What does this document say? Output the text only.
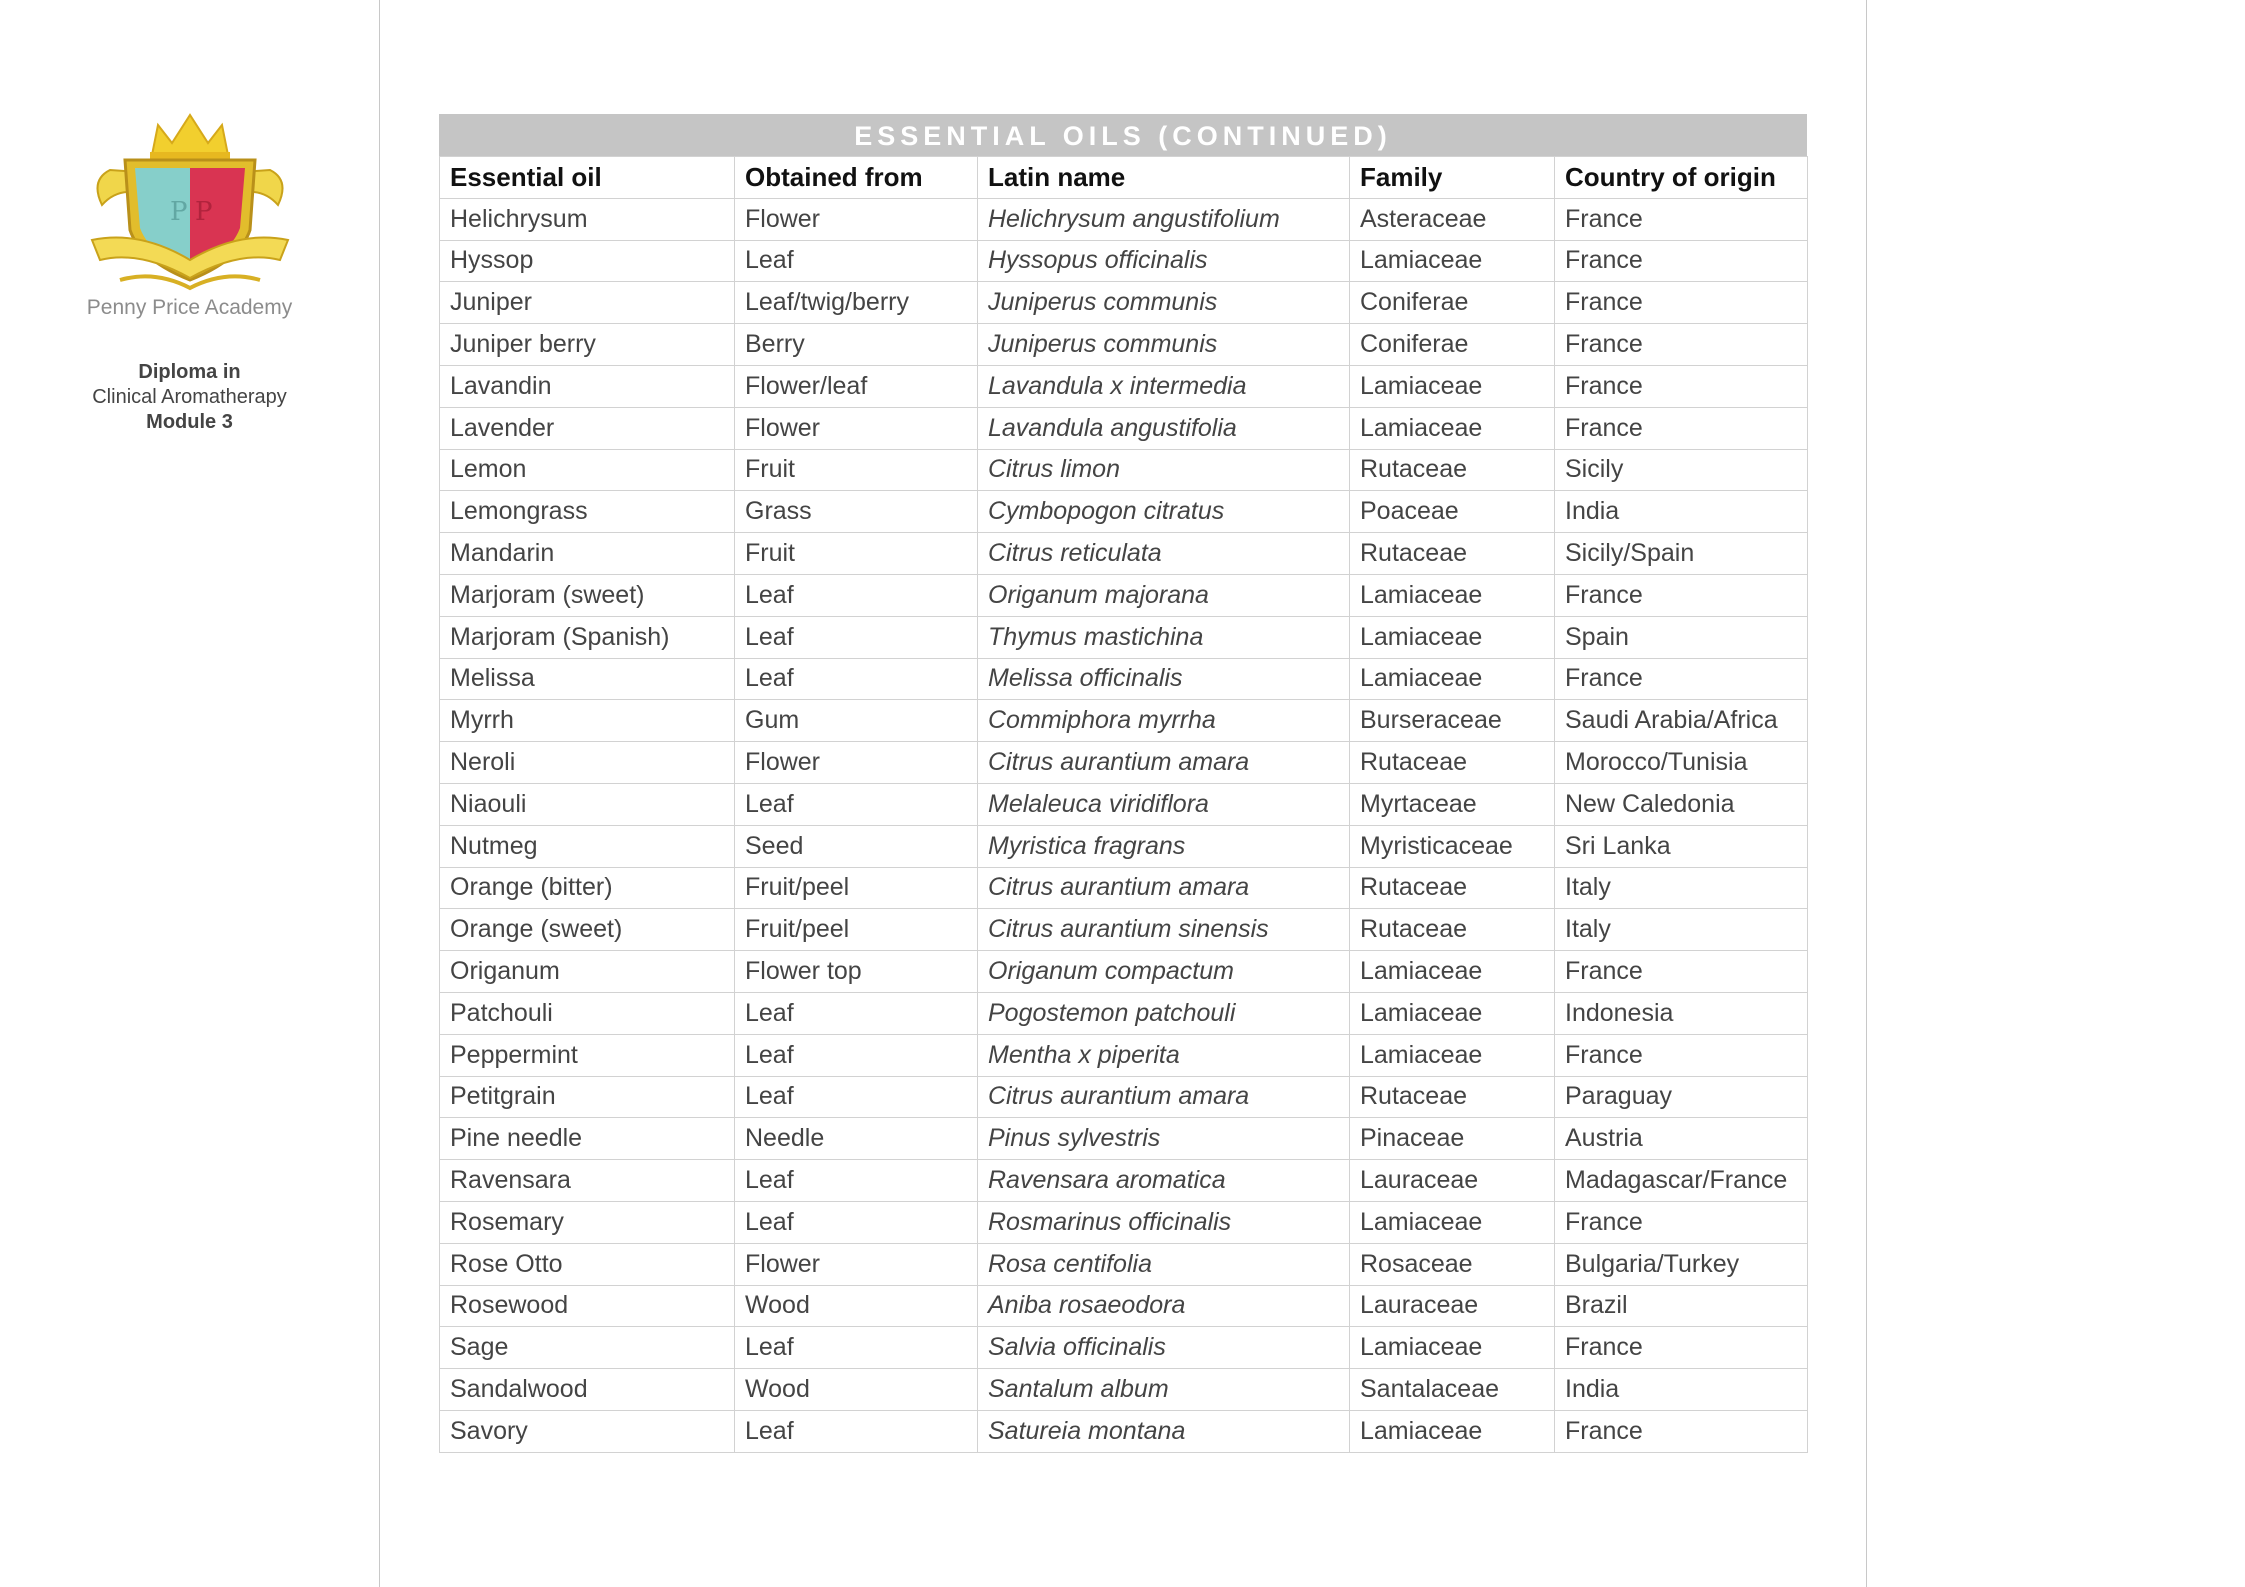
P P
Penny Price Academy
Diploma in
Clinical Aromatherapy
Module 3
ESSENTIAL OILS (CONTINUED)
Essential oil	Obtained from	Latin name	Family	Country of origin
Helichrysum	Flower	Helichrysum angustifolium	Asteraceae	France
Hyssop	Leaf	Hyssopus officinalis	Lamiaceae	France
Juniper	Leaf/twig/berry	Juniperus communis	Coniferae	France
Juniper berry	Berry	Juniperus communis	Coniferae	France
Lavandin	Flower/leaf	Lavandula x intermedia	Lamiaceae	France
Lavender	Flower	Lavandula angustifolia	Lamiaceae	France
Lemon	Fruit	Citrus limon	Rutaceae	Sicily
Lemongrass	Grass	Cymbopogon citratus	Poaceae	India
Mandarin	Fruit	Citrus reticulata	Rutaceae	Sicily/Spain
Marjoram (sweet)	Leaf	Origanum majorana	Lamiaceae	France
Marjoram (Spanish)	Leaf	Thymus mastichina	Lamiaceae	Spain
Melissa	Leaf	Melissa officinalis	Lamiaceae	France
Myrrh	Gum	Commiphora myrrha	Burseraceae	Saudi Arabia/Africa
Neroli	Flower	Citrus aurantium amara	Rutaceae	Morocco/Tunisia
Niaouli	Leaf	Melaleuca viridiflora	Myrtaceae	New Caledonia
Nutmeg	Seed	Myristica fragrans	Myristicaceae	Sri Lanka
Orange (bitter)	Fruit/peel	Citrus aurantium amara	Rutaceae	Italy
Orange (sweet)	Fruit/peel	Citrus aurantium sinensis	Rutaceae	Italy
Origanum	Flower top	Origanum compactum	Lamiaceae	France
Patchouli	Leaf	Pogostemon patchouli	Lamiaceae	Indonesia
Peppermint	Leaf	Mentha x piperita	Lamiaceae	France
Petitgrain	Leaf	Citrus aurantium amara	Rutaceae	Paraguay
Pine needle	Needle	Pinus sylvestris	Pinaceae	Austria
Ravensara	Leaf	Ravensara aromatica	Lauraceae	Madagascar/France
Rosemary	Leaf	Rosmarinus officinalis	Lamiaceae	France
Rose Otto	Flower	Rosa centifolia	Rosaceae	Bulgaria/Turkey
Rosewood	Wood	Aniba rosaeodora	Lauraceae	Brazil
Sage	Leaf	Salvia officinalis	Lamiaceae	France
Sandalwood	Wood	Santalum album	Santalaceae	India
Savory	Leaf	Satureia montana	Lamiaceae	France
